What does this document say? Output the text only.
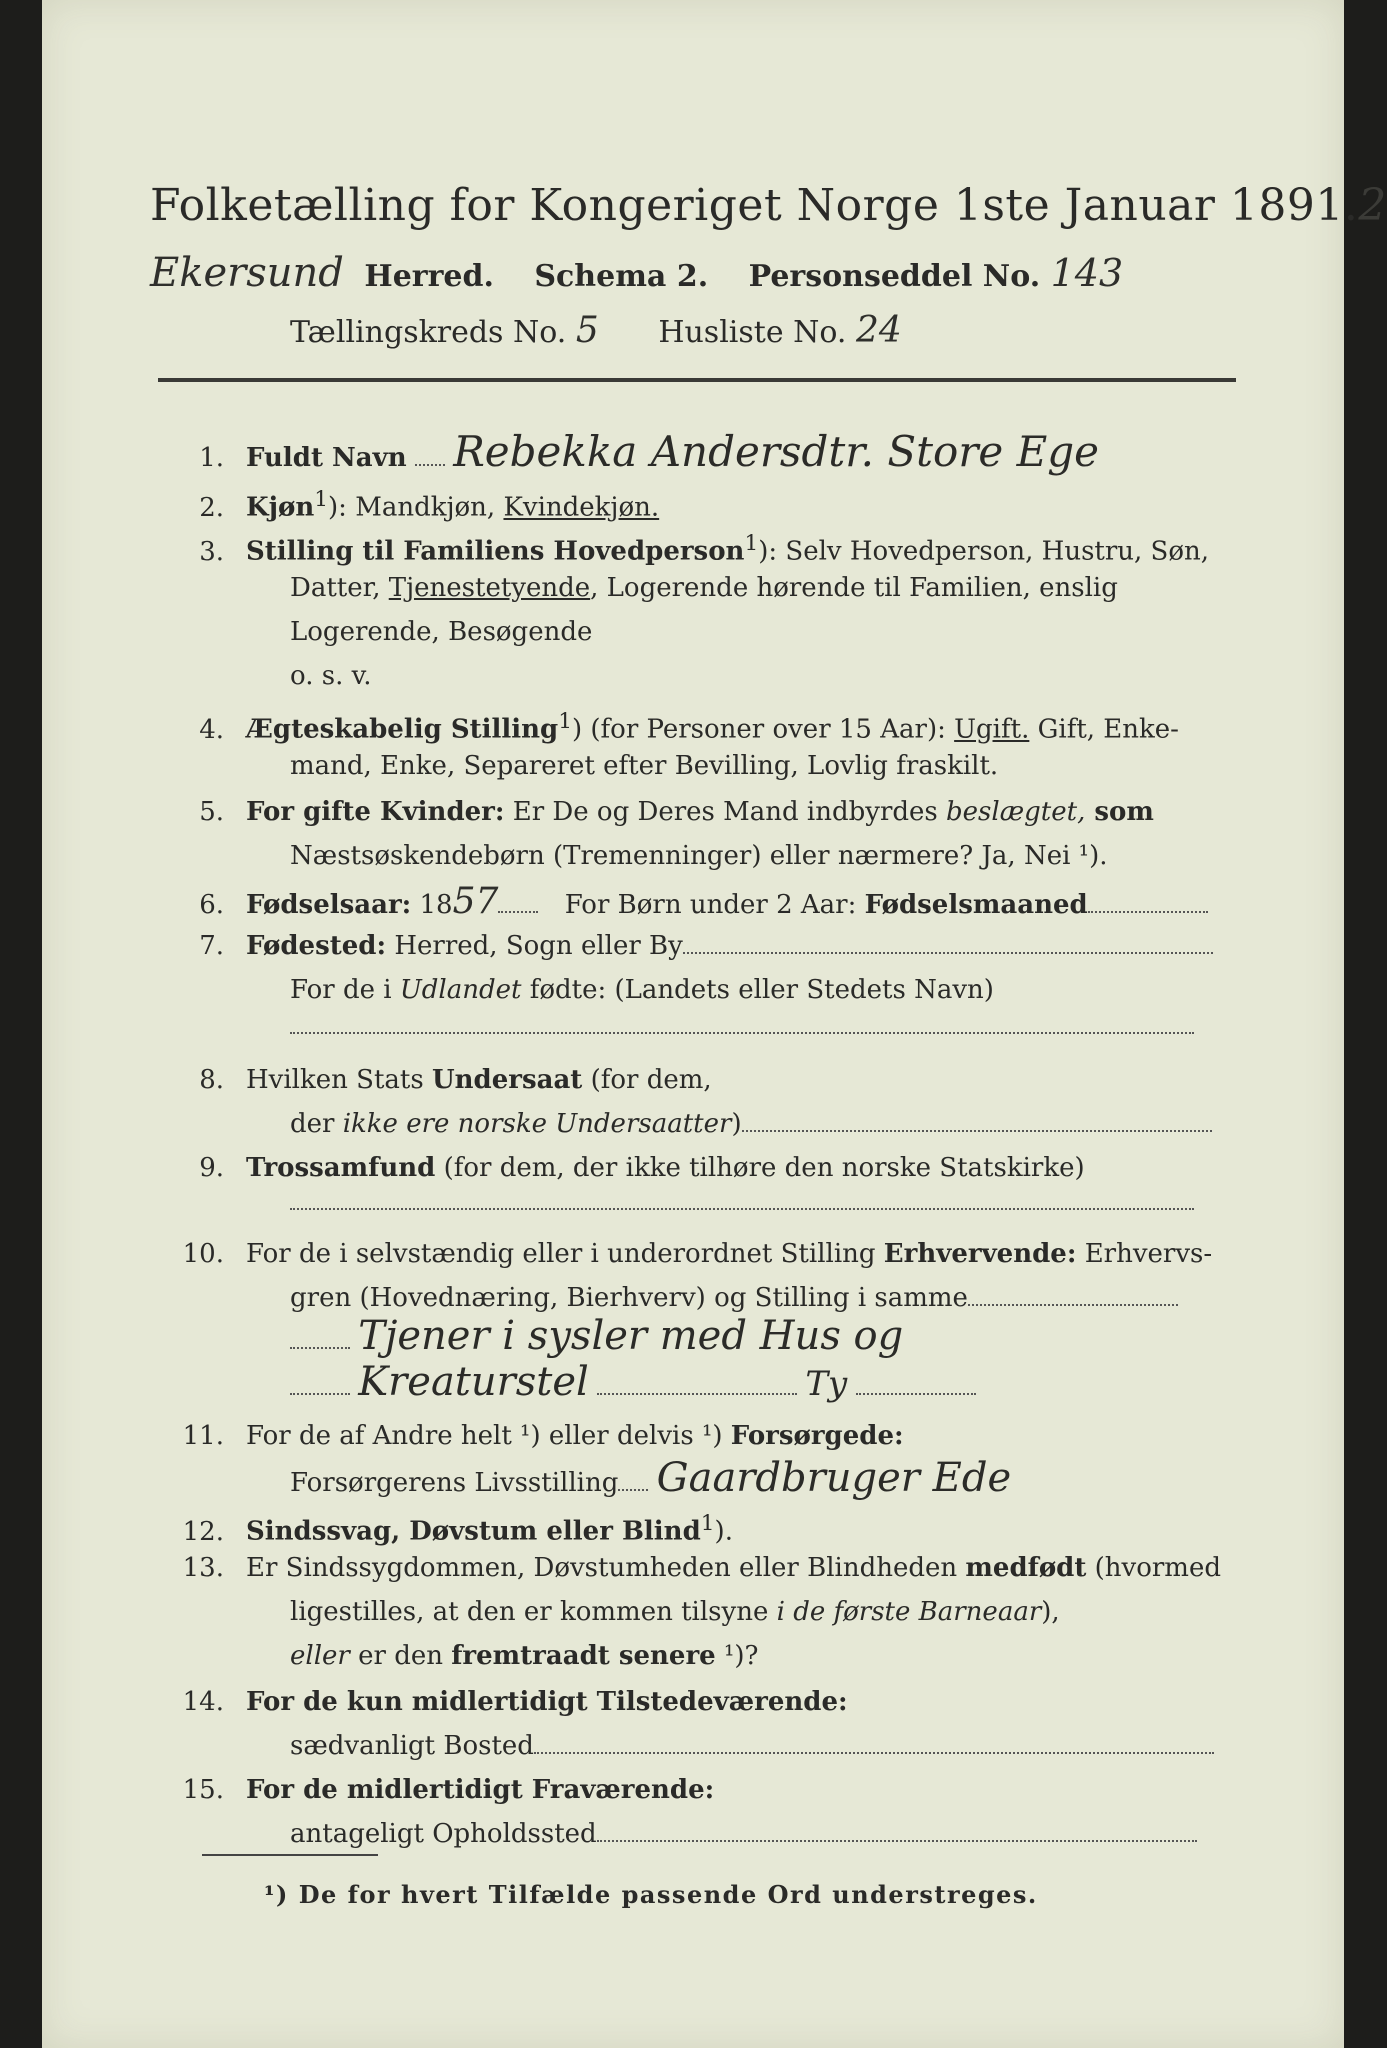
Folketælling for Kongeriget Norge 1ste Januar 1891.2
Ekersund Herred. Schema 2. Personseddel No. 143
Tællingskreds No. 5 Husliste No. 24
1. Fuldt Navn Rebekka Andersdtr. Store Ege
2. Kjøn$^1$): Mandkjøn, Kvindekjøn.
3. Stilling til Familiens Hovedperson$^1$): Selv Hovedperson, Hustru, Søn,
Datter, Tjenestetyende, Logerende hørende til Familien, enslig
Logerende, Besøgende
o. s. v.
4. Ægteskabelig Stilling$^1$) (for Personer over 15 Aar): Ugift. Gift, Enke-
mand, Enke, Separeret efter Bevilling, Lovlig fraskilt.
5. For gifte Kvinder: Er De og Deres Mand indbyrdes beslægtet, som
Næstsøskendebørn (Tremenninger) eller nærmere? Ja, Nei ¹).
6. Fødselsaar: 1857	For Børn under 2 Aar: Fødselsmaaned
7. Fødested: Herred, Sogn eller By
For de i Udlandet fødte: (Landets eller Stedets Navn)
8. Hvilken Stats Undersaat (for dem,
der ikke ere norske Undersaatter)
9. Trossamfund (for dem, der ikke tilhøre den norske Statskirke)
10. For de i selvstændig eller i underordnet Stilling Erhvervende: Erhvervs-
gren (Hovednæring, Bierhverv) og Stilling i samme
Tjener i sysler med Hus og
Kreaturstel	Ty
11. For de af Andre helt ¹) eller delvis ¹) Forsørgede:
Forsørgerens Livsstilling Gaardbruger Ede
12. Sindssvag, Døvstum eller Blind$^1$).
13. Er Sindssygdommen, Døvstumheden eller Blindheden medfødt (hvormed
ligestilles, at den er kommen tilsyne i de første Barneaar),
eller er den fremtraadt senere ¹)?
14. For de kun midlertidigt Tilstedeværende:
sædvanligt Bosted
15. For de midlertidigt Fraværende:
antageligt Opholdssted
¹) De for hvert Tilfælde passende Ord understreges.
